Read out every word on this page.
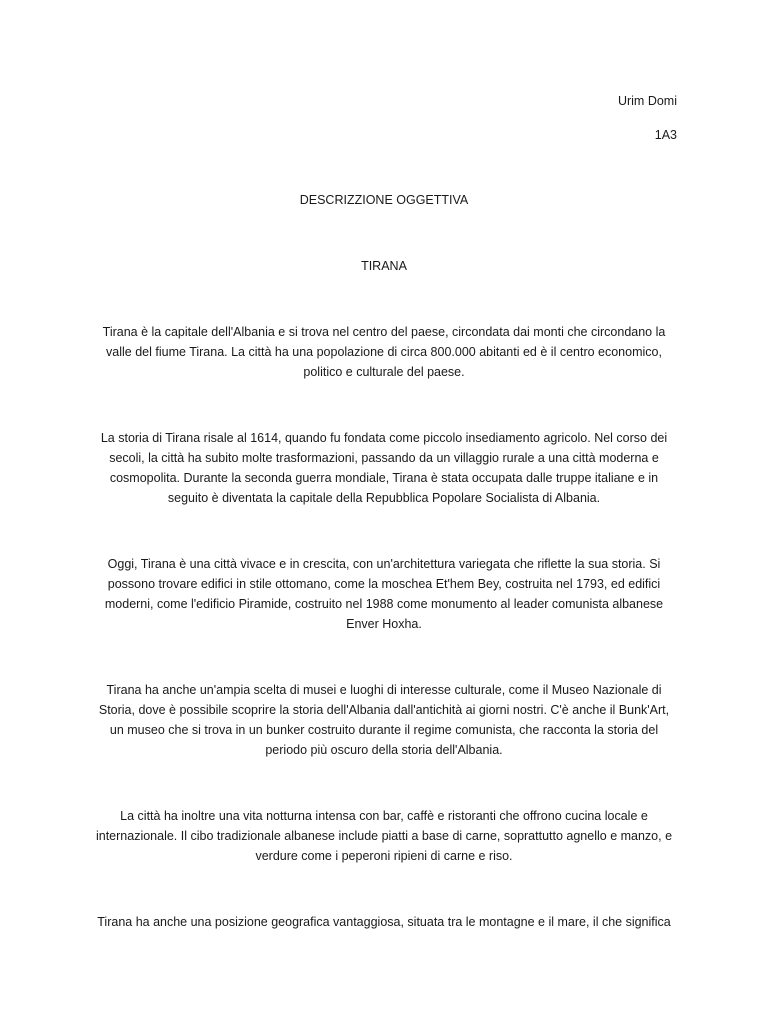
Urim Domi
1A3
DESCRIZZIONE OGGETTIVA
TIRANA

Tirana è la capitale dell'Albania e si trova nel centro del paese, circondata dai monti che circondano la valle del fiume Tirana. La città ha una popolazione di circa 800.000 abitanti ed è il centro economico, politico e culturale del paese.

La storia di Tirana risale al 1614, quando fu fondata come piccolo insediamento agricolo. Nel corso dei secoli, la città ha subito molte trasformazioni, passando da un villaggio rurale a una città moderna e cosmopolita. Durante la seconda guerra mondiale, Tirana è stata occupata dalle truppe italiane e in seguito è diventata la capitale della Repubblica Popolare Socialista di Albania.

Oggi, Tirana è una città vivace e in crescita, con un'architettura variegata che riflette la sua storia. Si possono trovare edifici in stile ottomano, come la moschea Et'hem Bey, costruita nel 1793, ed edifici moderni, come l'edificio Piramide, costruito nel 1988 come monumento al leader comunista albanese Enver Hoxha.

Tirana ha anche un'ampia scelta di musei e luoghi di interesse culturale, come il Museo Nazionale di Storia, dove è possibile scoprire la storia dell'Albania dall'antichità ai giorni nostri. C'è anche il Bunk'Art, un museo che si trova in un bunker costruito durante il regime comunista, che racconta la storia del periodo più oscuro della storia dell'Albania.

La città ha inoltre una vita notturna intensa con bar, caffè e ristoranti che offrono cucina locale e internazionale. Il cibo tradizionale albanese include piatti a base di carne, soprattutto agnello e manzo, e verdure come i peperoni ripieni di carne e riso.

Tirana ha anche una posizione geografica vantaggiosa, situata tra le montagne e il mare, il che significa
